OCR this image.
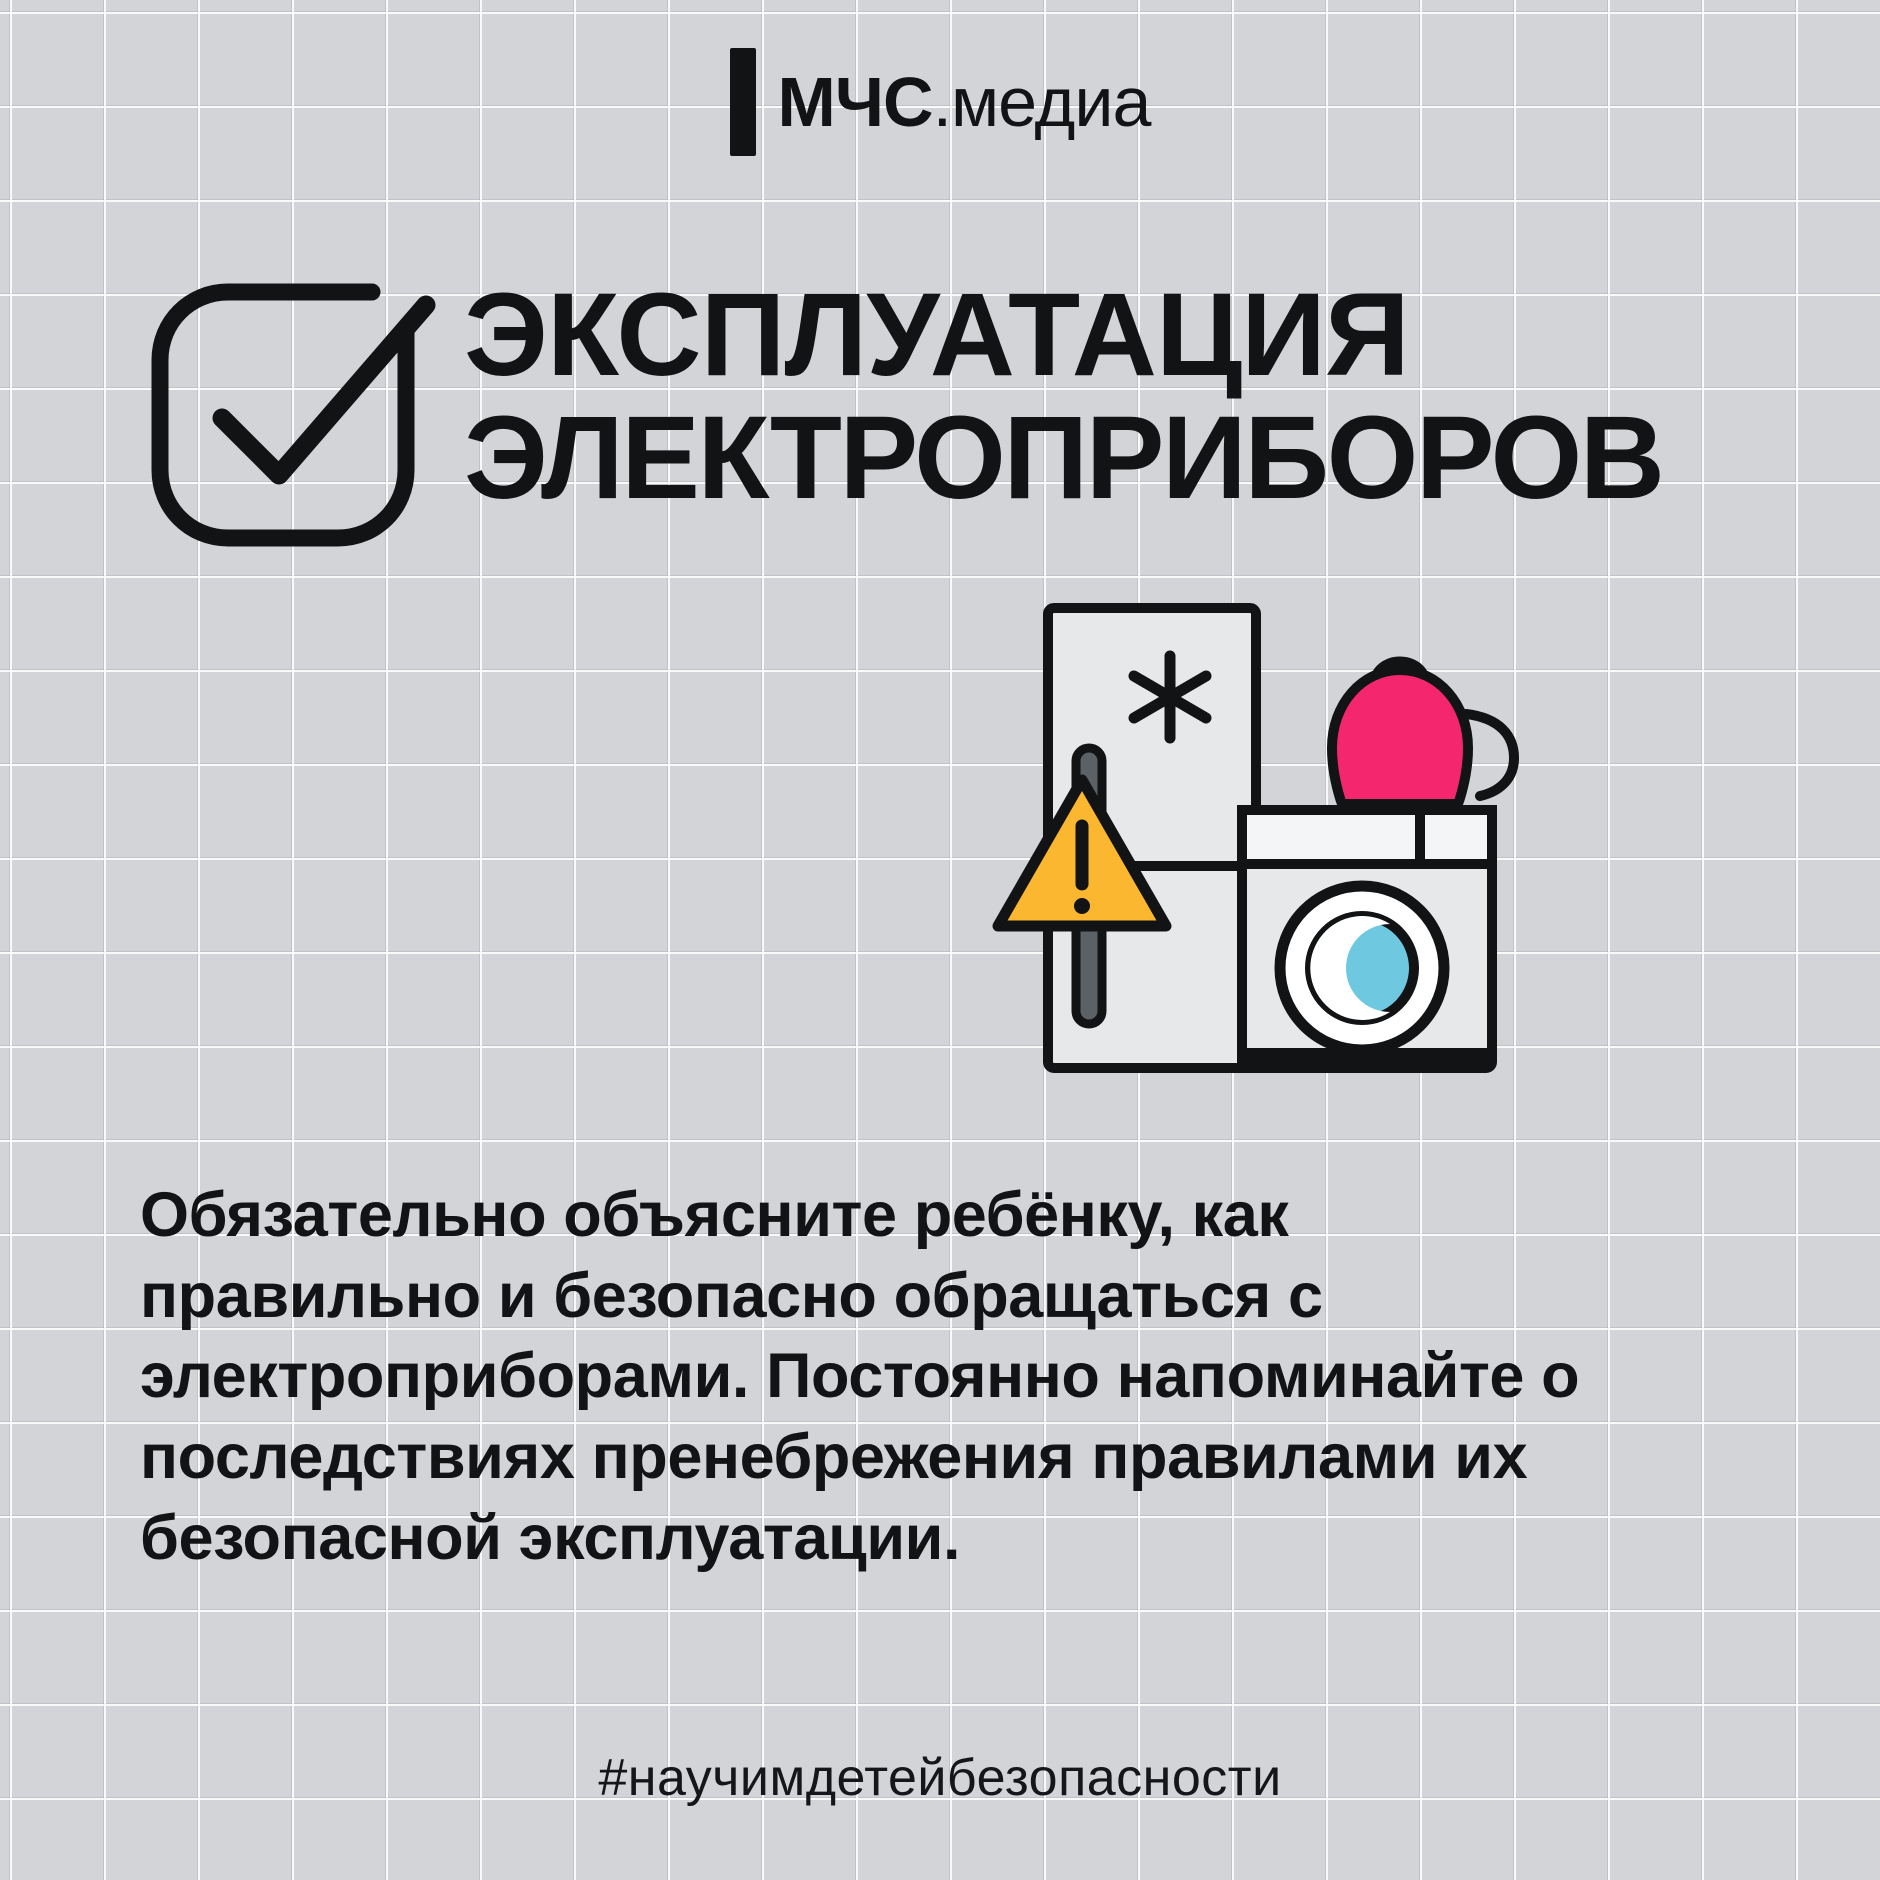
МЧС.медиа
ЭКСПЛУАТАЦИЯ
ЭЛЕКТРОПРИБОРОВ
Обязательно объясните ребёнку, как правильно и безопасно обращаться с электроприборами. Постоянно напоминайте о последствиях пренебрежения правилами их безопасной эксплуатации.
#научимдетейбезопасности
